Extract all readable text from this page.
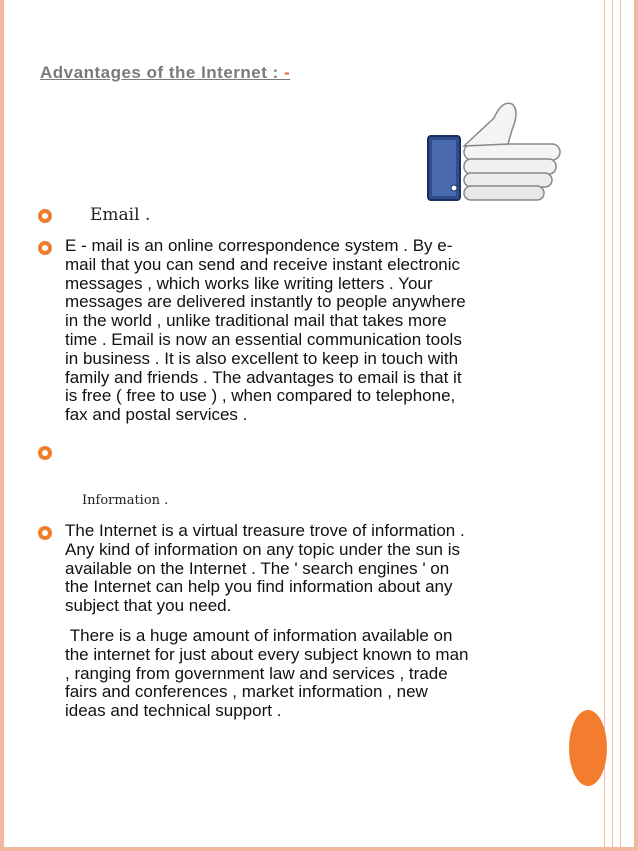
Advantages of the Internet : -
Email .

E - mail is an online correspondence system . By e-
mail that you can send and receive instant electronic
messages , which works like writing letters . Your
messages are delivered instantly to people anywhere
in the world , unlike traditional mail that takes more
time . Email is now an essential communication tools
in business . It is also excellent to keep in touch with
family and friends . The advantages to email is that it
is free ( free to use ) , when compared to telephone,
fax and postal services .

Information .

The Internet is a virtual treasure trove of information .
Any kind of information on any topic under the sun is
available on the Internet . The ' search engines ' on
the Internet can help you find information about any
subject that you need.

There is a huge amount of information available on
the internet for just about every subject known to man
, ranging from government law and services , trade
fairs and conferences , market information , new
ideas and technical support .
